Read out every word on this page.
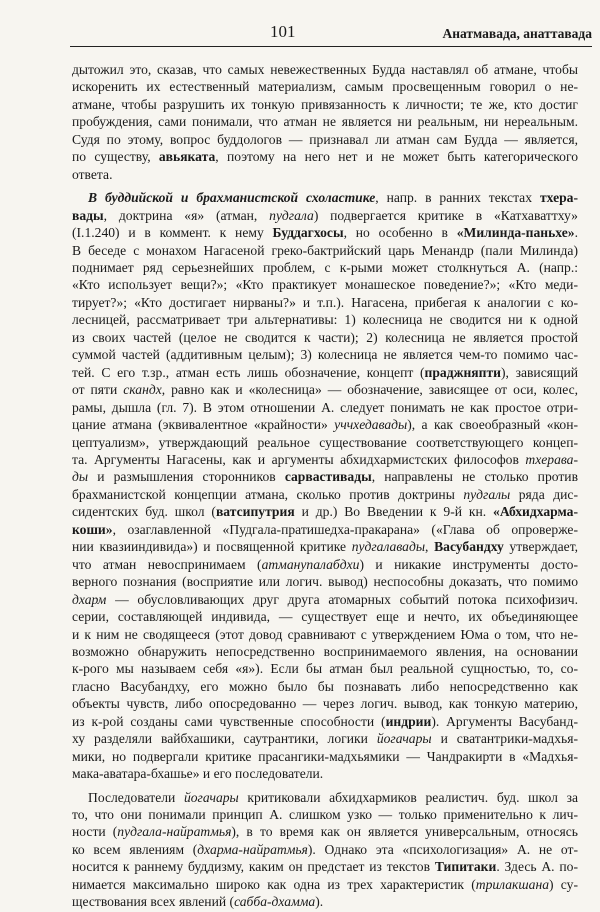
101	Анатмавада, анаттавада
дытожил это, сказав, что самых невежественных Будда наставлял об атмане, чтобы
искоренить их естественный материализм, самым просвещенным говорил о не-
атмане, чтобы разрушить их тонкую привязанность к личности; те же, кто достиг
пробуждения, сами понимали, что атман не является ни реальным, ни нереальным.
Судя по этому, вопрос буддологов — признавал ли атман сам Будда — является,
по существу, авьяката, поэтому на него нет и не может быть категорического
ответа.
В буддийской и брахманистской схоластике, напр. в ранних текстах тхера-
вады, доктрина «я» (атман, пудгала) подвергается критике в «Катхаваттху»
(I.1.240) и в коммент. к нему Буддагхосы, но особенно в «Милинда-паньхе».
В беседе с монахом Нагасеной греко-бактрийский царь Менандр (пали Милинда)
поднимает ряд серьезнейших проблем, с к-рыми может столкнуться А. (напр.:
«Кто использует вещи?»; «Кто практикует монашеское поведение?»; «Кто меди-
тирует?»; «Кто достигает нирваны?» и т.п.). Нагасена, прибегая к аналогии с ко-
лесницей, рассматривает три альтернативы: 1) колесница не сводится ни к одной
из своих частей (целое не сводится к части); 2) колесница не является простой
суммой частей (аддитивным целым); 3) колесница не является чем-то помимо час-
тей. С его т.зр., атман есть лишь обозначение, концепт (праджняпти), зависящий
от пяти скандх, равно как и «колесница» — обозначение, зависящее от оси, колес,
рамы, дышла (гл. 7). В этом отношении А. следует понимать не как простое отри-
цание атмана (эквивалентное «крайности» уччхедавады), а как своеобразный «кон-
цептуализм», утверждающий реальное существование соответствующего концеп-
та. Аргументы Нагасены, как и аргументы абхидхармистских философов тхерава-
ды и размышления сторонников сарвастивады, направлены не столько против
брахманистской концепции атмана, сколько против доктрины пудгалы ряда дис-
сидентских буд. школ (ватсипутрия и др.) Во Введении к 9-й кн. «Абхидхарма-
коши», озаглавленной «Пудгала-пратишедха-пракарана» («Глава об опроверже-
нии квазииндивида») и посвященной критике пудгалавады, Васубандху утверждает,
что атман невоспринимаем (атманупалабдхи) и никакие инструменты досто-
верного познания (восприятие или логич. вывод) неспособны доказать, что помимо
дхарм — обусловливающих друг друга атомарных событий потока психофизич.
серии, составляющей индивида, — существует еще и нечто, их объединяющее
и к ним не сводящееся (этот довод сравнивают с утверждением Юма о том, что не-
возможно обнаружить непосредственно воспринимаемого явления, на основании
к-рого мы называем себя «я»). Если бы атман был реальной сущностью, то, со-
гласно Васубандху, его можно было бы познавать либо непосредственно как
объекты чувств, либо опосредованно — через логич. вывод, как тонкую материю,
из к-рой созданы сами чувственные способности (индрии). Аргументы Васубанд-
ху разделяли вайбхашики, саутрантики, логики йогачары и сватантрики-мадхья-
мики, но подвергали критике прасангики-мадхьямики — Чандракирти в «Мадхья-
мака-аватара-бхашье» и его последователи.
Последователи йогачары критиковали абхидхармиков реалистич. буд. школ за
то, что они понимали принцип А. слишком узко — только применительно к лич-
ности (пудгала-найратмья), в то время как он является универсальным, относясь
ко всем явлениям (дхарма-найратмья). Однако эта «психологизация» А. не от-
носится к раннему буддизму, каким он предстает из текстов Типитаки. Здесь А. по-
нимается максимально широко как одна из трех характеристик (трилакшана) су-
ществования всех явлений (сабба-дхамма).
